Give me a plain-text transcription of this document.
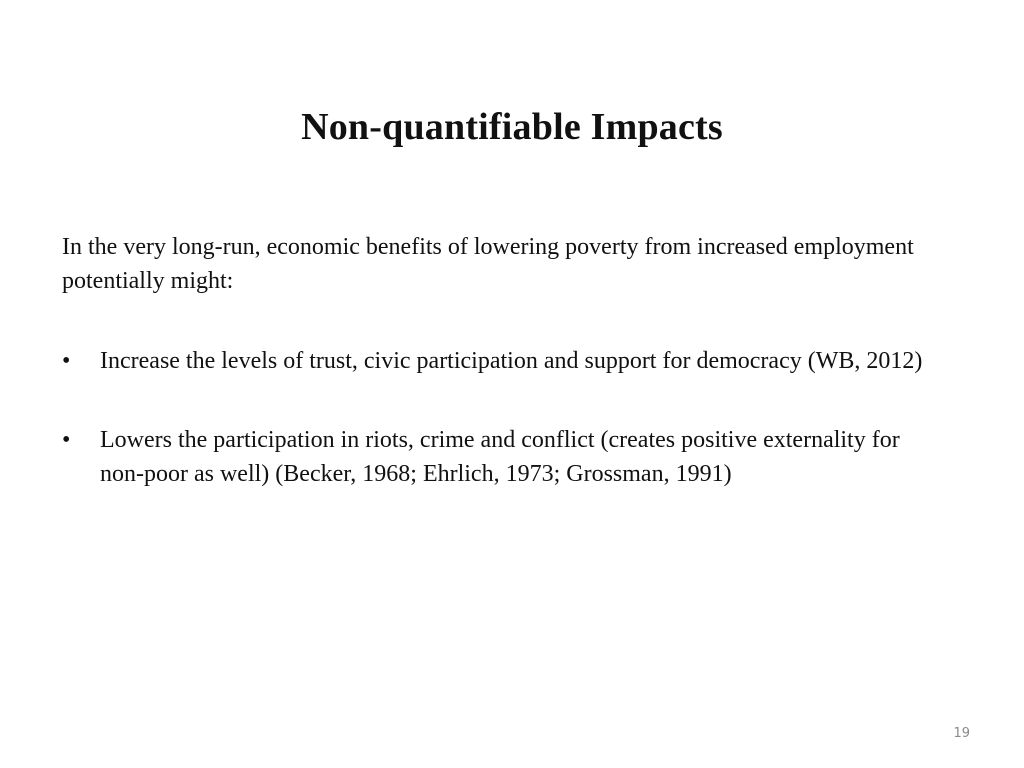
Non-quantifiable Impacts

In the very long-run, economic benefits of lowering poverty from increased employment potentially might:

•	Increase the levels of trust, civic participation and support for democracy (WB, 2012)
•	Lowers the participation in riots, crime and conflict (creates positive externality for non-poor as well) (Becker, 1968; Ehrlich, 1973; Grossman, 1991)
19
